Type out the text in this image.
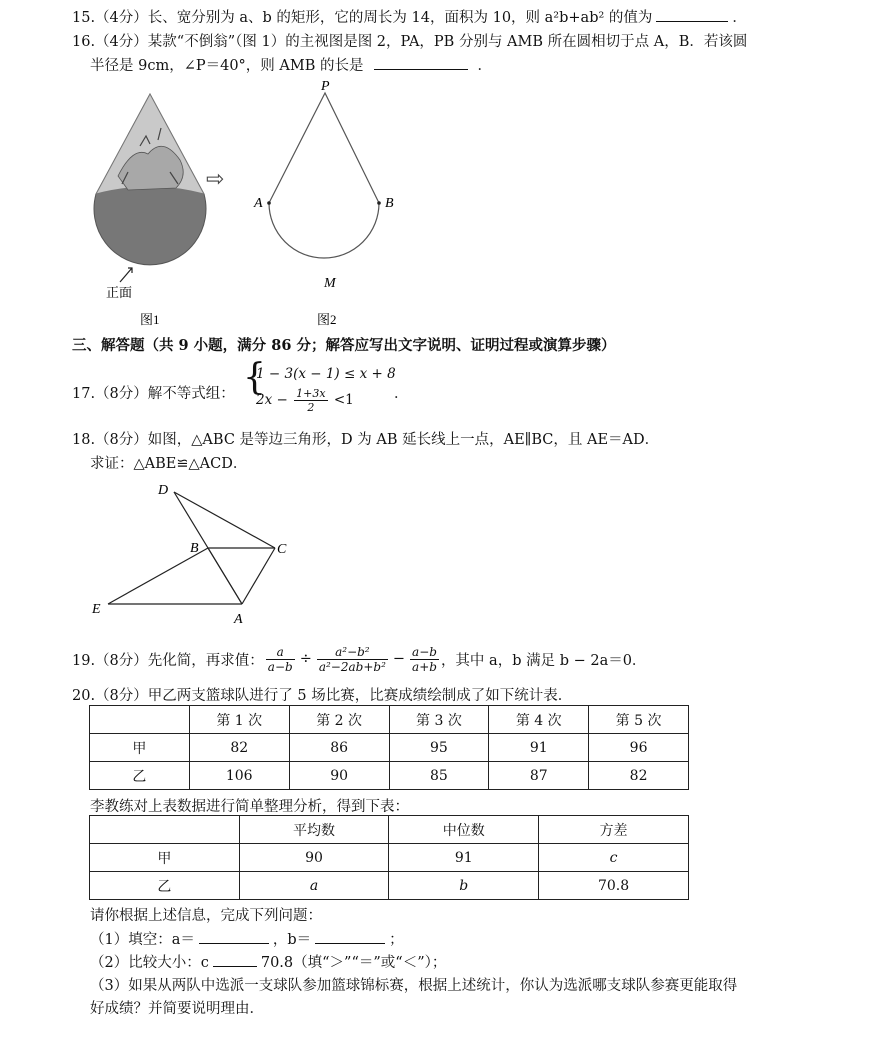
15.（4分）长、宽分别为 a、b 的矩形，它的周长为 14，面积为 10，则 a²b+ab² 的值为	．
16.（4分）某款“不倒翁”（图 1）的主视图是图 2，PA，PB 分别与 AMB 所在圆相切于点 A，B．若该圆
半径是 9cm，∠P＝40°，则 AMB 的长是	．
正面
图1
⇨
P
A	B
M
图2
三、解答题（共 9 小题，满分 86 分；解答应写出文字说明、证明过程或演算步骤）
17.（8分）解不等式组： {
1 − 3(x − 1) ≤ x + 8
$2x - \frac{1+3x}{2} <1$	．
18.（8分）如图，△ABC 是等边三角形，D 为 AB 延长线上一点，AE∥BC，且 AE＝AD．
求证：△ABE≌△ACD．
D
B	C
E
A
19.（8分）先化简，再求值： $\frac{a}{a-b} \div \frac{\text{a²−b²}}{\text{a²−2ab+b²}} - \frac{a-b}{a+b}$ ，其中 a，b 满足 b − 2a＝0．
20.（8分）甲乙两支篮球队进行了 5 场比赛，比赛成绩绘制成了如下统计表．
	第 1 次	第 2 次	第 3 次	第 4 次	第 5 次
甲	82	86	95	91	96
乙	106	90	85	87	82
李教练对上表数据进行简单整理分析，得到下表：
	平均数	中位数	方差
甲	90	91	c
乙	a	b	70.8
请你根据上述信息，完成下列问题：
（1）填空：a＝	，b＝	；
（2）比较大小：c	70.8（填“＞”“＝”或“＜”）；
（3）如果从两队中选派一支球队参加篮球锦标赛，根据上述统计，你认为选派哪支球队参赛更能取得
好成绩？并简要说明理由．
